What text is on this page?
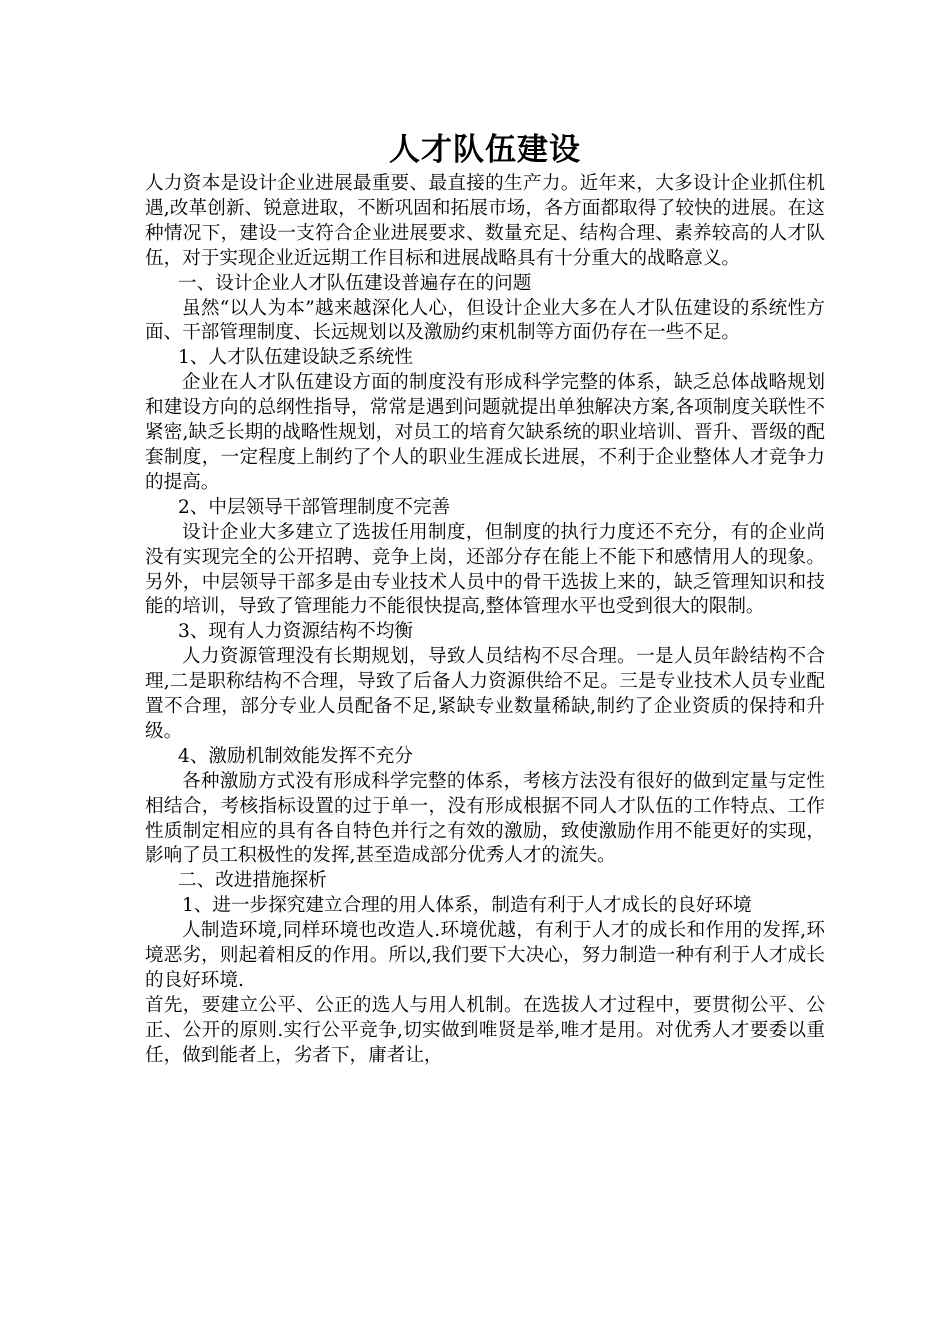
人才队伍建设

人力资本是设计企业进展最重要、最直接的生产力。近年来，大多设计企业抓住机遇,改革创新、锐意进取，不断巩固和拓展市场，各方面都取得了较快的进展。在这种情况下，建设一支符合企业进展要求、数量充足、结构合理、素养较高的人才队伍，对于实现企业近远期工作目标和进展战略具有十分重大的战略意义。

一、设计企业人才队伍建设普遍存在的问题

虽然“以人为本”越来越深化人心，但设计企业大多在人才队伍建设的系统性方面、干部管理制度、长远规划以及激励约束机制等方面仍存在一些不足。

1、人才队伍建设缺乏系统性

企业在人才队伍建设方面的制度没有形成科学完整的体系，缺乏总体战略规划和建设方向的总纲性指导，常常是遇到问题就提出单独解决方案,各项制度关联性不紧密,缺乏长期的战略性规划，对员工的培育欠缺系统的职业培训、晋升、晋级的配套制度，一定程度上制约了个人的职业生涯成长进展，不利于企业整体人才竞争力的提高。

2、中层领导干部管理制度不完善

设计企业大多建立了选拔任用制度，但制度的执行力度还不充分，有的企业尚没有实现完全的公开招聘、竞争上岗，还部分存在能上不能下和感情用人的现象。另外，中层领导干部多是由专业技术人员中的骨干选拔上来的，缺乏管理知识和技能的培训，导致了管理能力不能很快提高,整体管理水平也受到很大的限制。

3、现有人力资源结构不均衡

人力资源管理没有长期规划，导致人员结构不尽合理。一是人员年龄结构不合理,二是职称结构不合理，导致了后备人力资源供给不足。三是专业技术人员专业配置不合理，部分专业人员配备不足,紧缺专业数量稀缺,制约了企业资质的保持和升级。

4、激励机制效能发挥不充分

各种激励方式没有形成科学完整的体系，考核方法没有很好的做到定量与定性相结合，考核指标设置的过于单一，没有形成根据不同人才队伍的工作特点、工作性质制定相应的具有各自特色并行之有效的激励，致使激励作用不能更好的实现，影响了员工积极性的发挥,甚至造成部分优秀人才的流失。

二、改进措施探析

1、进一步探究建立合理的用人体系，制造有利于人才成长的良好环境

人制造环境,同样环境也改造人.环境优越，有利于人才的成长和作用的发挥,环境恶劣，则起着相反的作用。所以,我们要下大决心，努力制造一种有利于人才成长的良好环境.

首先，要建立公平、公正的选人与用人机制。在选拔人才过程中，要贯彻公平、公正、公开的原则.实行公平竞争,切实做到唯贤是举,唯才是用。对优秀人才要委以重任，做到能者上，劣者下，庸者让，
